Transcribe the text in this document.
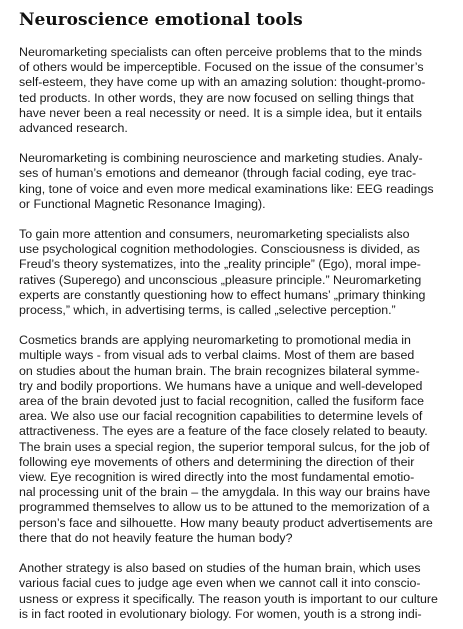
Neuroscience emotional tools

Neuromarketing specialists can often perceive problems that to the minds
of others would be imperceptible. Focused on the issue of the consumer’s
self-esteem, they have come up with an amazing solution: thought-promo-
ted products. In other words, they are now focused on selling things that
have never been a real necessity or need. It is a simple idea, but it entails
advanced research.

Neuromarketing is combining neuroscience and marketing studies. Analy-
ses of human’s emotions and demeanor (through facial coding, eye trac-
king, tone of voice and even more medical examinations like: EEG readings
or Functional Magnetic Resonance Imaging).

To gain more attention and consumers, neuromarketing specialists also
use psychological cognition methodologies. Consciousness is divided, as
Freud’s theory systematizes, into the „reality principle” (Ego), moral impe-
ratives (Superego) and unconscious „pleasure principle.” Neuromarketing
experts are constantly questioning how to effect humans’ „primary thinking
process,” which, in advertising terms, is called „selective perception.”

Cosmetics brands are applying neuromarketing to promotional media in
multiple ways - from visual ads to verbal claims. Most of them are based
on studies about the human brain. The brain recognizes bilateral symme-
try and bodily proportions. We humans have a unique and well-developed
area of the brain devoted just to facial recognition, called the fusiform face
area. We also use our facial recognition capabilities to determine levels of
attractiveness. The eyes are a feature of the face closely related to beauty.
The brain uses a special region, the superior temporal sulcus, for the job of
following eye movements of others and determining the direction of their
view. Eye recognition is wired directly into the most fundamental emotio-
nal processing unit of the brain – the amygdala. In this way our brains have
programmed themselves to allow us to be attuned to the memorization of a
person’s face and silhouette. How many beauty product advertisements are
there that do not heavily feature the human body?

Another strategy is also based on studies of the human brain, which uses
various facial cues to judge age even when we cannot call it into conscio-
usness or express it specifically. The reason youth is important to our culture
is in fact rooted in evolutionary biology. For women, youth is a strong indi-
